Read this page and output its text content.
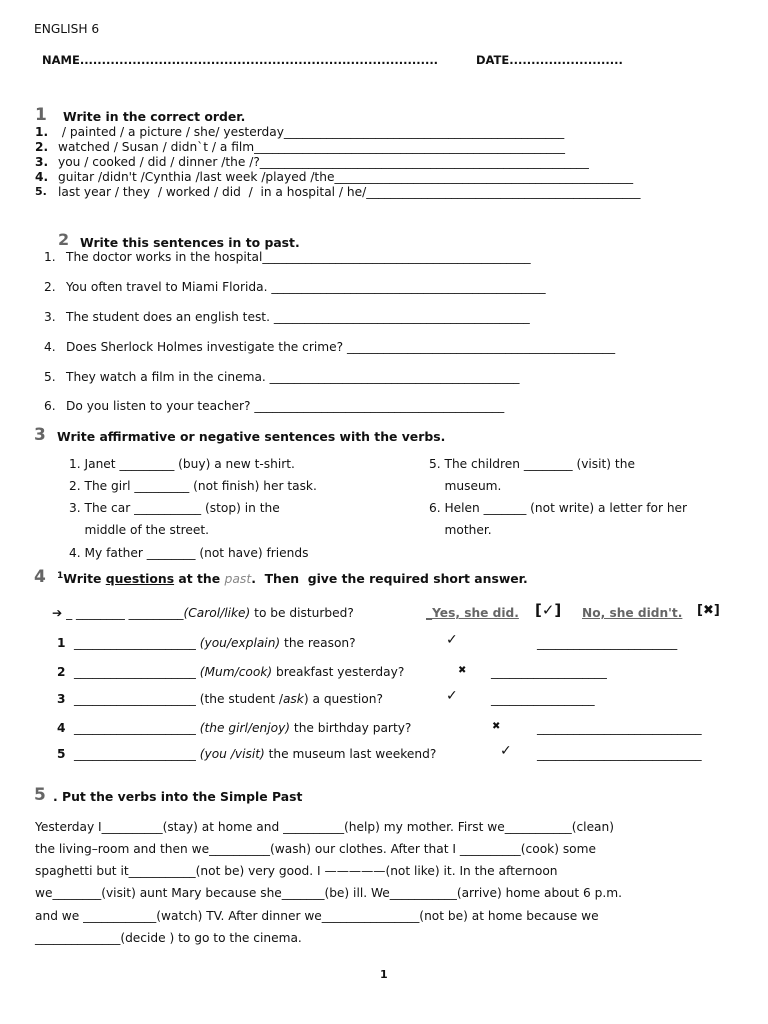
ENGLISH 6
NAME..................................................................................	DATE..........................
1 Write in the correct order.
1. / painted / a picture / she/ yesterday______________________________________________
2. watched / Susan / didn`t / a film___________________________________________________
3. you / cooked / did / dinner /the /?______________________________________________________
4. guitar /didn't /Cynthia /last week /played /the_________________________________________________
5. last year / they  / worked / did  /  in a hospital / he/_____________________________________________
2 Write this sentences in to past.
1. The doctor works in the hospital____________________________________________
2. You often travel to Miami Florida. _____________________________________________
3. The student does an english test. __________________________________________
4. Does Sherlock Holmes investigate the crime? ____________________________________________
5. They watch a film in the cinema. _________________________________________
6. Do you listen to your teacher? _________________________________________
3 Write affirmative or negative sentences with the verbs.
1. Janet _________ (buy) a new t-shirt.
2. The girl _________ (not finish) her task.
3. The car ___________ (stop) in the
middle of the street.
4. My father ________ (not have) friends
5. The children ________ (visit) the
museum.
6. Helen _______ (not write) a letter for her
mother.
4 $^1$Write questions at the past.  Then  give the required short answer.
➔ _ ________ _________(Carol/like) to be disturbed?	_Yes, she did. [✓] No, she didn't. [✖]
1 ____________________ (you/explain) the reason?	✓	_______________________
2 ____________________ (Mum/cook) breakfast yesterday?	✖ ___________________
3 ____________________ (the student /ask) a question?	✓	_________________
4 ____________________ (the girl/enjoy) the birthday party?	✖	___________________________
5 ____________________ (you /visit) the museum last weekend?	✓ ___________________________
5 . Put the verbs into the Simple Past
Yesterday I__________(stay) at home and __________(help) my mother. First we___________(clean)
the living–room and then we__________(wash) our clothes. After that I __________(cook) some
spaghetti but it___________(not be) very good. I —————(not like) it. In the afternoon
we________(visit) aunt Mary because she_______(be) ill. We___________(arrive) home about 6 p.m.
and we ____________(watch) TV. After dinner we________________(not be) at home because we
______________(decide ) to go to the cinema.
1
